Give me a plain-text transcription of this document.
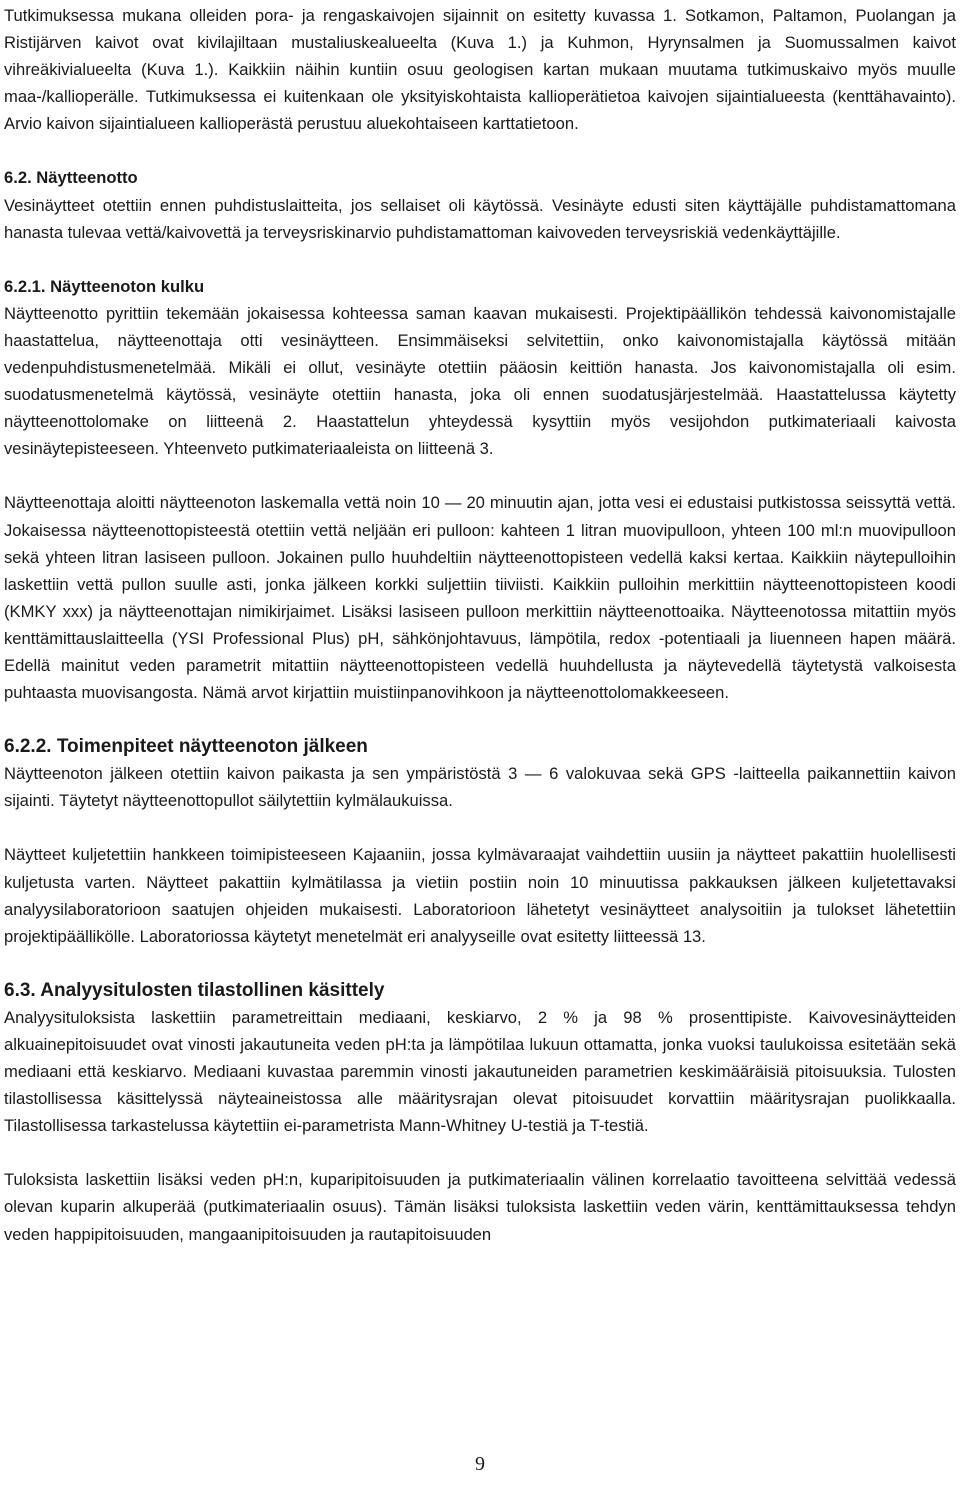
Tutkimuksessa mukana olleiden pora- ja rengaskaivojen sijainnit on esitetty kuvassa 1. Sotkamon, Paltamon, Puolangan ja Ristijärven kaivot ovat kivilajiltaan mustaliuskealueelta (Kuva 1.) ja Kuhmon, Hyrynsalmen ja Suomussalmen kaivot vihreäkivialueelta (Kuva 1.). Kaikkiin näihin kuntiin osuu geologisen kartan mukaan muutama tutkimuskaivo myös muulle maa-/kallioperälle. Tutkimuksessa ei kuitenkaan ole yksityiskohtaista kallioperätietoa kaivojen sijaintialueesta (kenttähavainto). Arvio kaivon sijaintialueen kallioperästä perustuu aluekohtaiseen karttatietoon.

6.2. Näytteenotto

Vesinäytteet otettiin ennen puhdistuslaitteita, jos sellaiset oli käytössä. Vesinäyte edusti siten käyttäjälle puhdistamattomana hanasta tulevaa vettä/kaivovettä ja terveysriskinarvio puhdistamattoman kaivoveden terveysriskiä vedenkäyttäjille.

6.2.1. Näytteenoton kulku

Näytteenotto pyrittiin tekemään jokaisessa kohteessa saman kaavan mukaisesti. Projektipäällikön tehdessä kaivonomistajalle haastattelua, näytteenottaja otti vesinäytteen. Ensimmäiseksi selvitettiin, onko kaivonomistajalla käytössä mitään vedenpuhdistusmenetelmää. Mikäli ei ollut, vesinäyte otettiin pääosin keittiön hanasta. Jos kaivonomistajalla oli esim. suodatusmenetelmä käytössä, vesinäyte otettiin hanasta, joka oli ennen suodatusjärjestelmää. Haastattelussa käytetty näytteenottolomake on liitteenä 2. Haastattelun yhteydessä kysyttiin myös vesijohdon putkimateriaali kaivosta vesinäytepisteeseen. Yhteenveto putkimateriaaleista on liitteenä 3.

Näytteenottaja aloitti näytteenoton laskemalla vettä noin 10 — 20 minuutin ajan, jotta vesi ei edustaisi putkistossa seissyttä vettä. Jokaisessa näytteenottopisteestä otettiin vettä neljään eri pulloon: kahteen 1 litran muovipulloon, yhteen 100 ml:n muovipulloon sekä yhteen litran lasiseen pulloon. Jokainen pullo huuhdeltiin näytteenottopisteen vedellä kaksi kertaa. Kaikkiin näytepulloihin laskettiin vettä pullon suulle asti, jonka jälkeen korkki suljettiin tiiviisti. Kaikkiin pulloihin merkittiin näytteenottopisteen koodi (KMKY xxx) ja näytteenottajan nimikirjaimet. Lisäksi lasiseen pulloon merkittiin näytteenottoaika. Näytteenotossa mitattiin myös kenttämittauslaitteella (YSI Professional Plus) pH, sähkönjohtavuus, lämpötila, redox -potentiaali ja liuenneen hapen määrä. Edellä mainitut veden parametrit mitattiin näytteenottopisteen vedellä huuhdellusta ja näytevedellä täytetystä valkoisesta puhtaasta muovisangosta. Nämä arvot kirjattiin muistiinpanovihkoon ja näytteenottolomakkeeseen.

6.2.2. Toimenpiteet näytteenoton jälkeen

Näytteenoton jälkeen otettiin kaivon paikasta ja sen ympäristöstä 3 — 6 valokuvaa sekä GPS -laitteella paikannettiin kaivon sijainti. Täytetyt näytteenottopullot säilytettiin kylmälaukuissa.

Näytteet kuljetettiin hankkeen toimipisteeseen Kajaaniin, jossa kylmävaraajat vaihdettiin uusiin ja näytteet pakattiin huolellisesti kuljetusta varten. Näytteet pakattiin kylmätilassa ja vietiin postiin noin 10 minuutissa pakkauksen jälkeen kuljetettavaksi analyysilaboratorioon saatujen ohjeiden mukaisesti. Laboratorioon lähetetyt vesinäytteet analysoitiin ja tulokset lähetettiin projektipäällikölle. Laboratoriossa käytetyt menetelmät eri analyyseille ovat esitetty liitteessä 13.

6.3. Analyysitulosten tilastollinen käsittely

Analyysituloksista laskettiin parametreittain mediaani, keskiarvo, 2 % ja 98 % prosenttipiste. Kaivovesinäytteiden alkuainepitoisuudet ovat vinosti jakautuneita veden pH:ta ja lämpötilaa lukuun ottamatta, jonka vuoksi taulukoissa esitetään sekä mediaani että keskiarvo. Mediaani kuvastaa paremmin vinosti jakautuneiden parametrien keskimääräisiä pitoisuuksia. Tulosten tilastollisessa käsittelyssä näyteaineistossa alle määritysrajan olevat pitoisuudet korvattiin määritysrajan puolikkaalla. Tilastollisessa tarkastelussa käytettiin ei-parametrista Mann-Whitney U-testiä ja T-testiä.

Tuloksista laskettiin lisäksi veden pH:n, kuparipitoisuuden ja putkimateriaalin välinen korrelaatio tavoitteena selvittää vedessä olevan kuparin alkuperää (putkimateriaalin osuus). Tämän lisäksi tuloksista laskettiin veden värin, kenttämittauksessa tehdyn veden happipitoisuuden, mangaanipitoisuuden ja rautapitoisuuden

9
